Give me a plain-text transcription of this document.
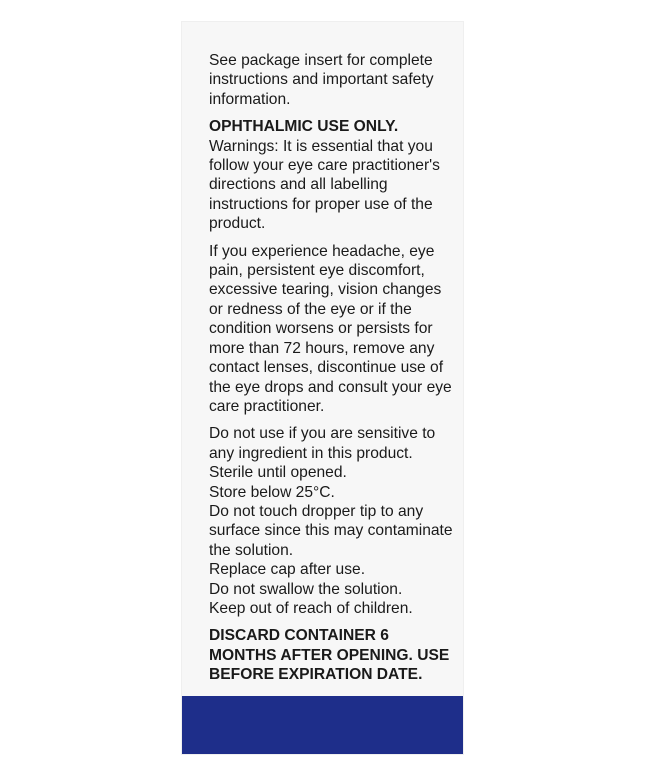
See package insert for complete instructions and important safety information.

OPHTHALMIC USE ONLY.

Warnings: It is essential that you follow your eye care practitioner's directions and all labelling instructions for proper use of the product.

If you experience headache, eye pain, persistent eye discomfort, excessive tearing, vision changes or redness of the eye or if the condition worsens or persists for more than 72 hours, remove any contact lenses, discontinue use of the eye drops and consult your eye care practitioner.

Do not use if you are sensitive to any ingredient in this product.

Sterile until opened.

Store below 25°C.

Do not touch dropper tip to any surface since this may contaminate the solution.

Replace cap after use.

Do not swallow the solution.

Keep out of reach of children.

DISCARD CONTAINER 6 MONTHS AFTER OPENING. USE BEFORE EXPIRATION DATE.
